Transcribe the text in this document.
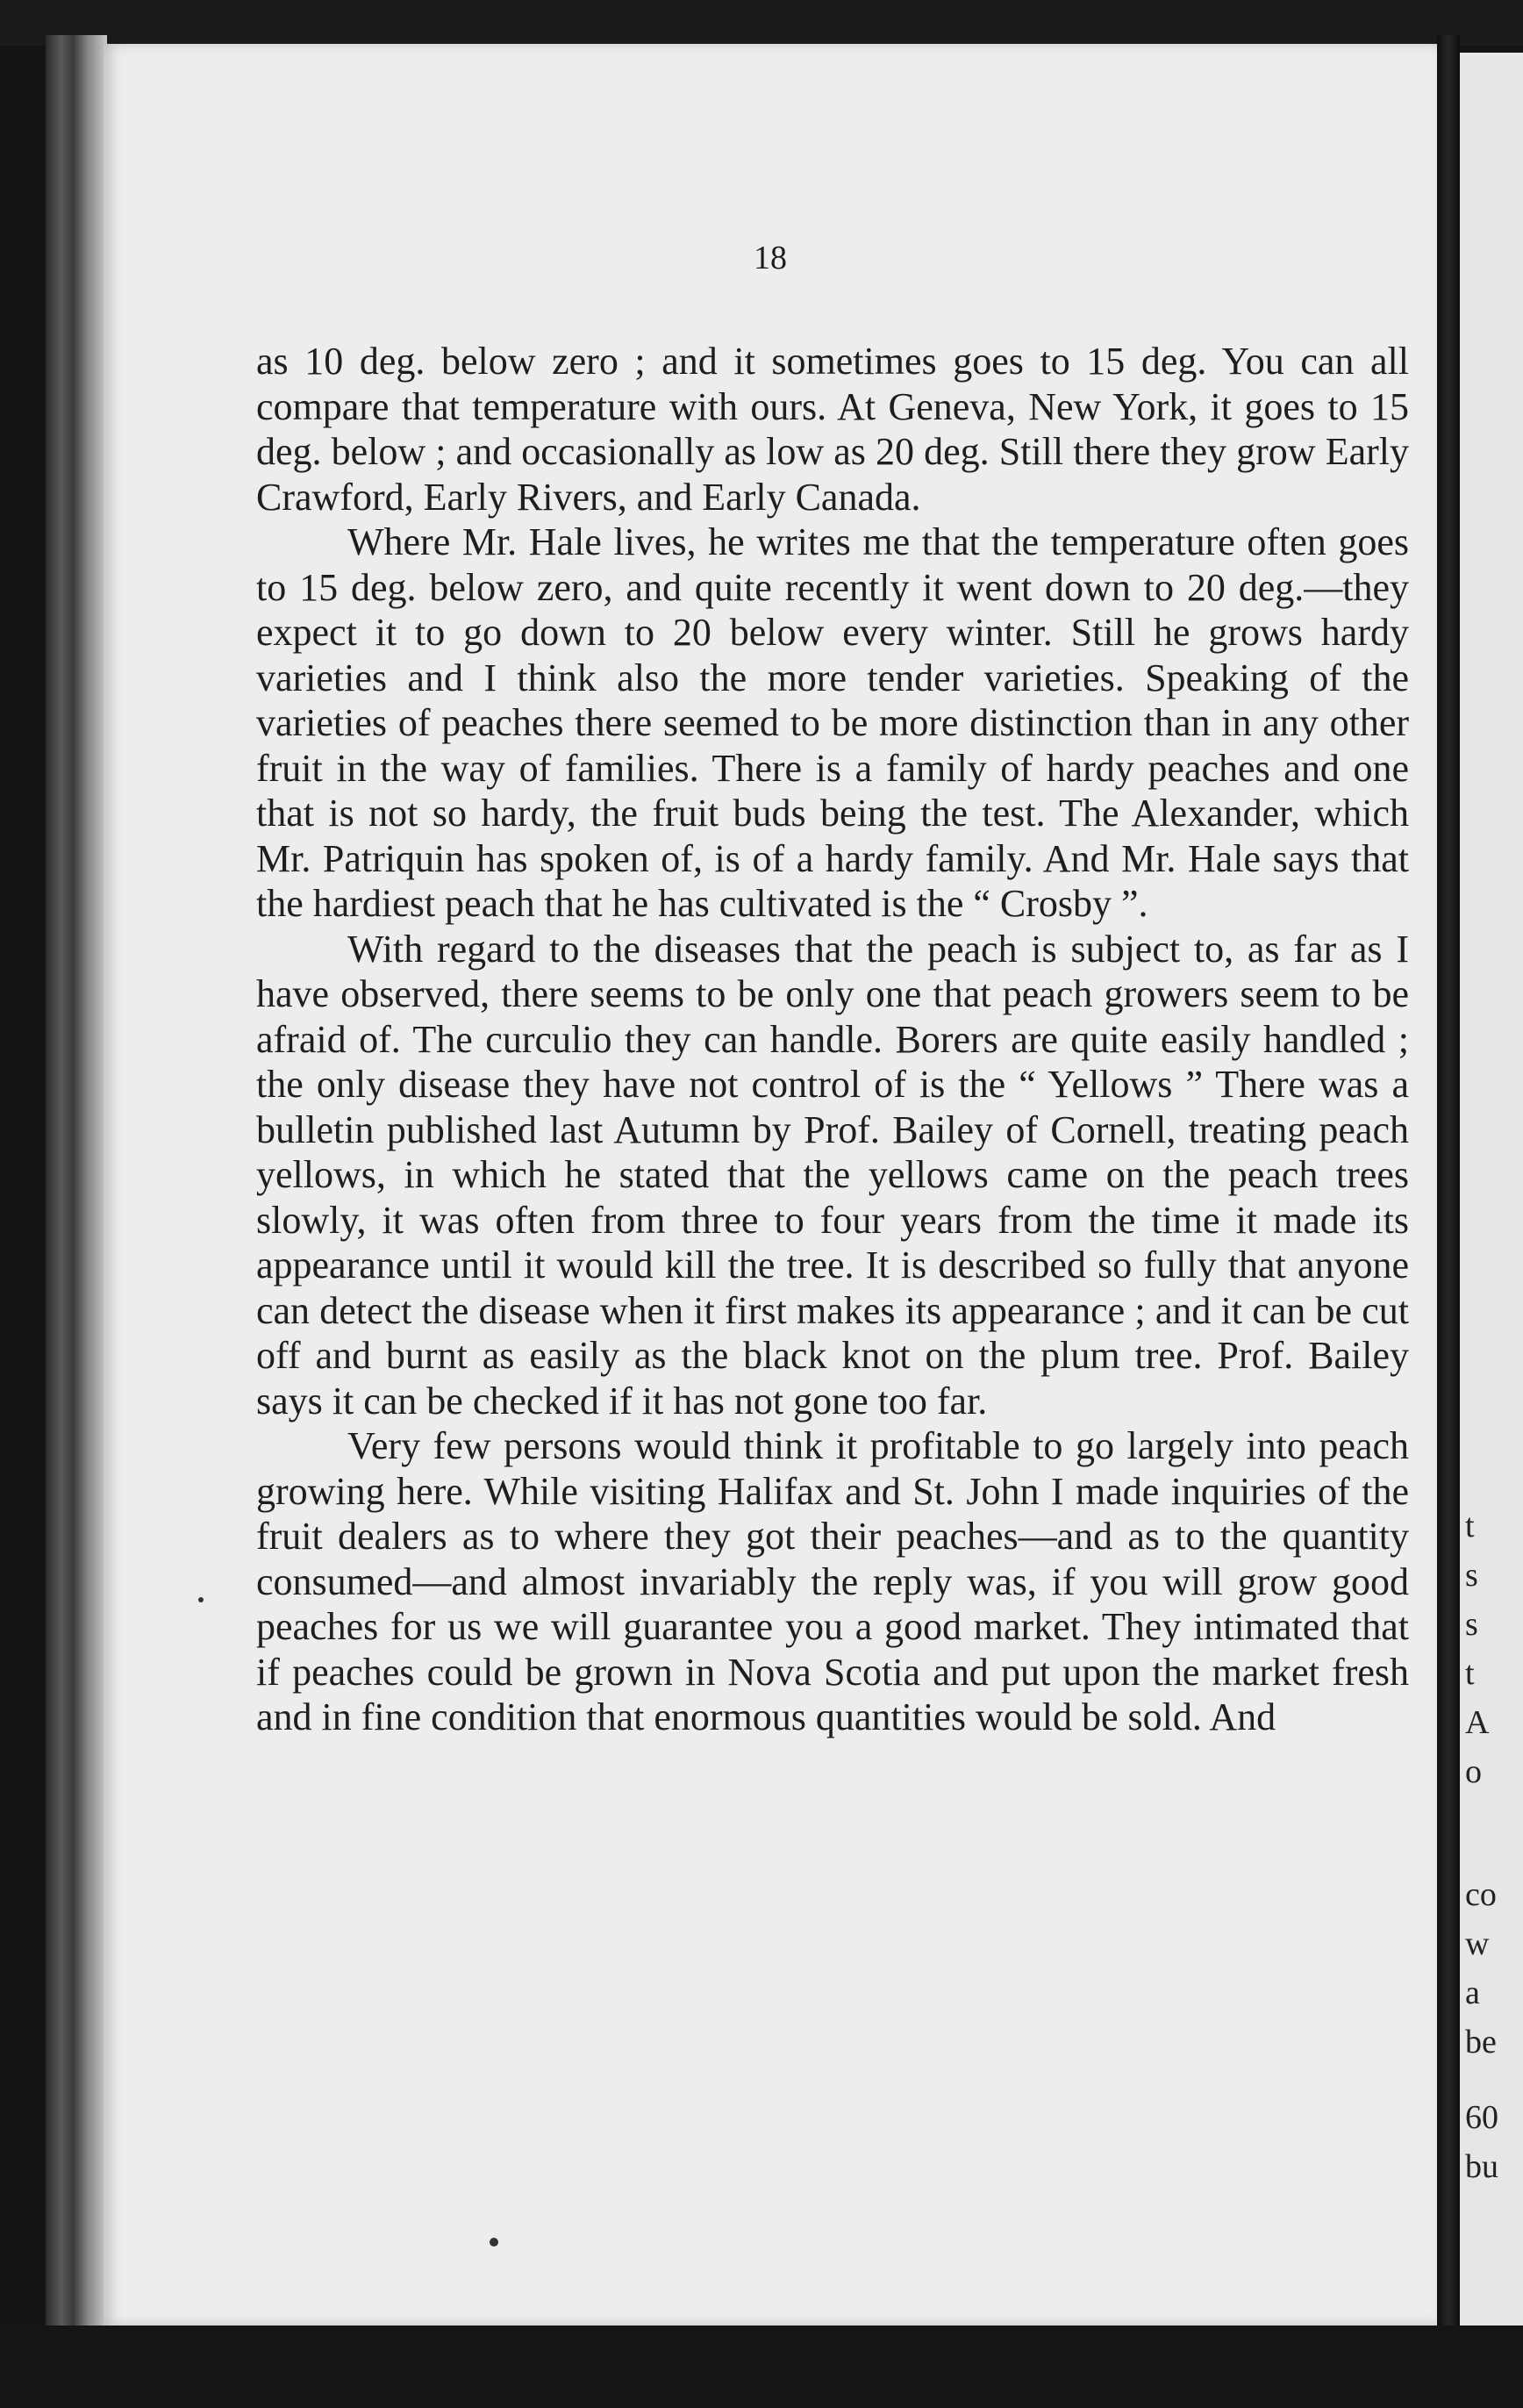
18

as 10 deg. below zero ; and it sometimes goes to 15 deg. You can all compare that temperature with ours. At Geneva, New York, it goes to 15 deg. below ; and occasionally as low as 20 deg. Still there they grow Early Crawford, Early Rivers, and Early Canada.

Where Mr. Hale lives, he writes me that the temperature often goes to 15 deg. below zero, and quite recently it went down to 20 deg.—they expect it to go down to 20 below every winter. Still he grows hardy varieties and I think also the more tender varieties. Speaking of the varieties of peaches there seemed to be more distinction than in any other fruit in the way of families. There is a family of hardy peaches and one that is not so hardy, the fruit buds being the test. The Alexander, which Mr. Patriquin has spoken of, is of a hardy family. And Mr. Hale says that the hardiest peach that he has cultivated is the “ Crosby ”.

With regard to the diseases that the peach is subject to, as far as I have observed, there seems to be only one that peach growers seem to be afraid of. The curculio they can handle. Borers are quite easily handled ; the only disease they have not control of is the “ Yellows ” There was a bulletin published last Autumn by Prof. Bailey of Cornell, treating peach yellows, in which he stated that the yellows came on the peach trees slowly, it was often from three to four years from the time it made its appearance until it would kill the tree. It is described so fully that anyone can detect the disease when it first makes its appearance ; and it can be cut off and burnt as easily as the black knot on the plum tree. Prof. Bailey says it can be checked if it has not gone too far.

Very few persons would think it profitable to go largely into peach growing here. While visiting Halifax and St. John I made inquiries of the fruit dealers as to where they got their peaches—and as to the quantity consumed—and almost invariably the reply was, if you will grow good peaches for us we will guarantee you a good market. They intimated that if peaches could be grown in Nova Scotia and put upon the market fresh and in fine condition that enormous quantities would be sold. And

t
s
s
t
A
o
co
w
a
be
60
bu
